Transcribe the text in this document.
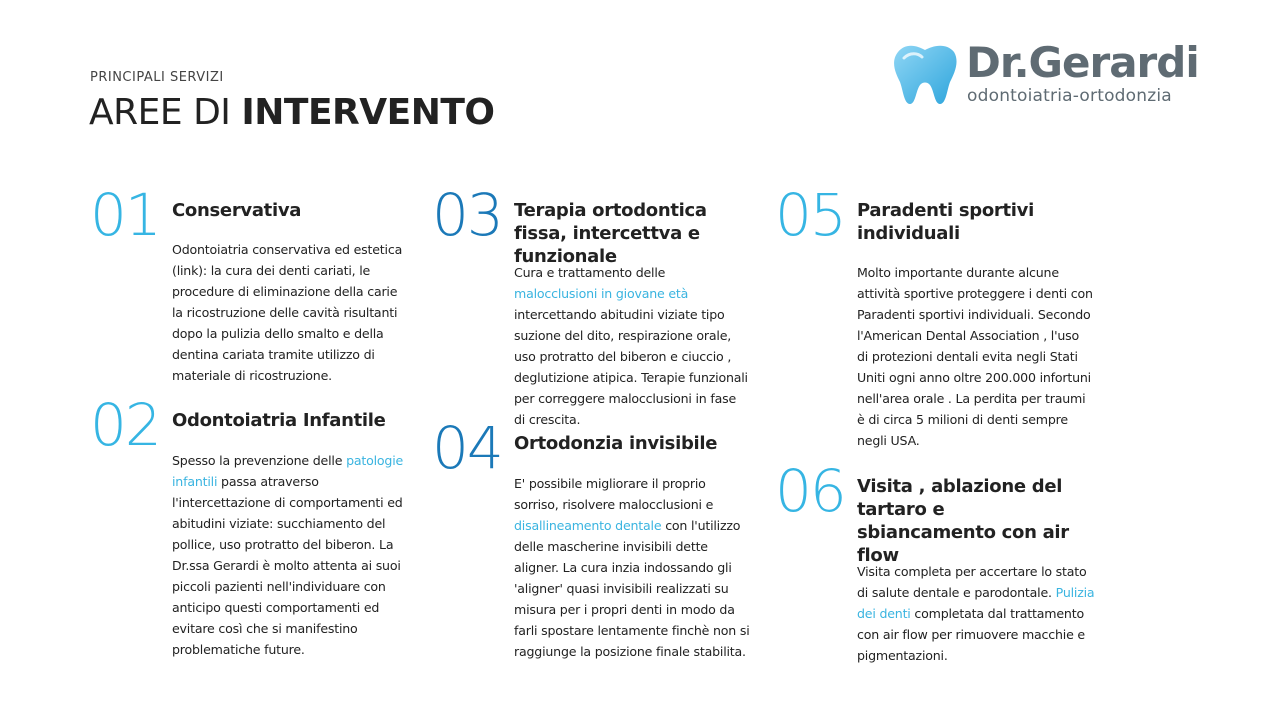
PRINCIPALI SERVIZI
AREE DI INTERVENTO
Dr.Gerardi
odontoiatria-ortodonzia
01 Conservativa

Odontoiatria conservativa ed estetica (link): la cura dei denti cariati, le procedure di eliminazione della carie la ricostruzione delle cavità risultanti dopo la pulizia dello smalto e della dentina cariata tramite utilizzo di materiale di ricostruzione.

02 Odontoiatria Infantile

Spesso la prevenzione delle patologie infantili passa atraverso l'intercettazione di comportamenti ed abitudini viziate: succhiamento del pollice, uso protratto del biberon. La Dr.ssa Gerardi è molto attenta ai suoi piccoli pazienti nell'individuare con anticipo questi comportamenti ed evitare così che si manifestino problematiche future.

03 Terapia ortodontica fissa, intercettva e funzionale

Cura e trattamento delle malocclusioni in giovane età intercettando abitudini viziate tipo suzione del dito, respirazione orale, uso protratto del biberon e ciuccio , deglutizione atipica. Terapie funzionali per correggere malocclusioni in fase di crescita.

04 Ortodonzia invisibile

E' possibile migliorare il proprio sorriso, risolvere malocclusioni e disallineamento dentale con l'utilizzo delle mascherine invisibili dette aligner. La cura inzia indossando gli 'aligner' quasi invisibili realizzati su misura per i propri denti in modo da farli spostare lentamente finchè non si raggiunge la posizione finale stabilita.

05 Paradenti sportivi individuali

Molto importante durante alcune attività sportive proteggere i denti con Paradenti sportivi individuali. Secondo l'American Dental Association , l'uso di protezioni dentali evita negli Stati Uniti ogni anno oltre 200.000 infortuni nell'area orale . La perdita per traumi è di circa 5 milioni di denti sempre negli USA.

06 Visita , ablazione del tartaro e sbiancamento con air flow

Visita completa per accertare lo stato di salute dentale e parodontale. Pulizia dei denti completata dal trattamento con air flow per rimuovere macchie e pigmentazioni.
